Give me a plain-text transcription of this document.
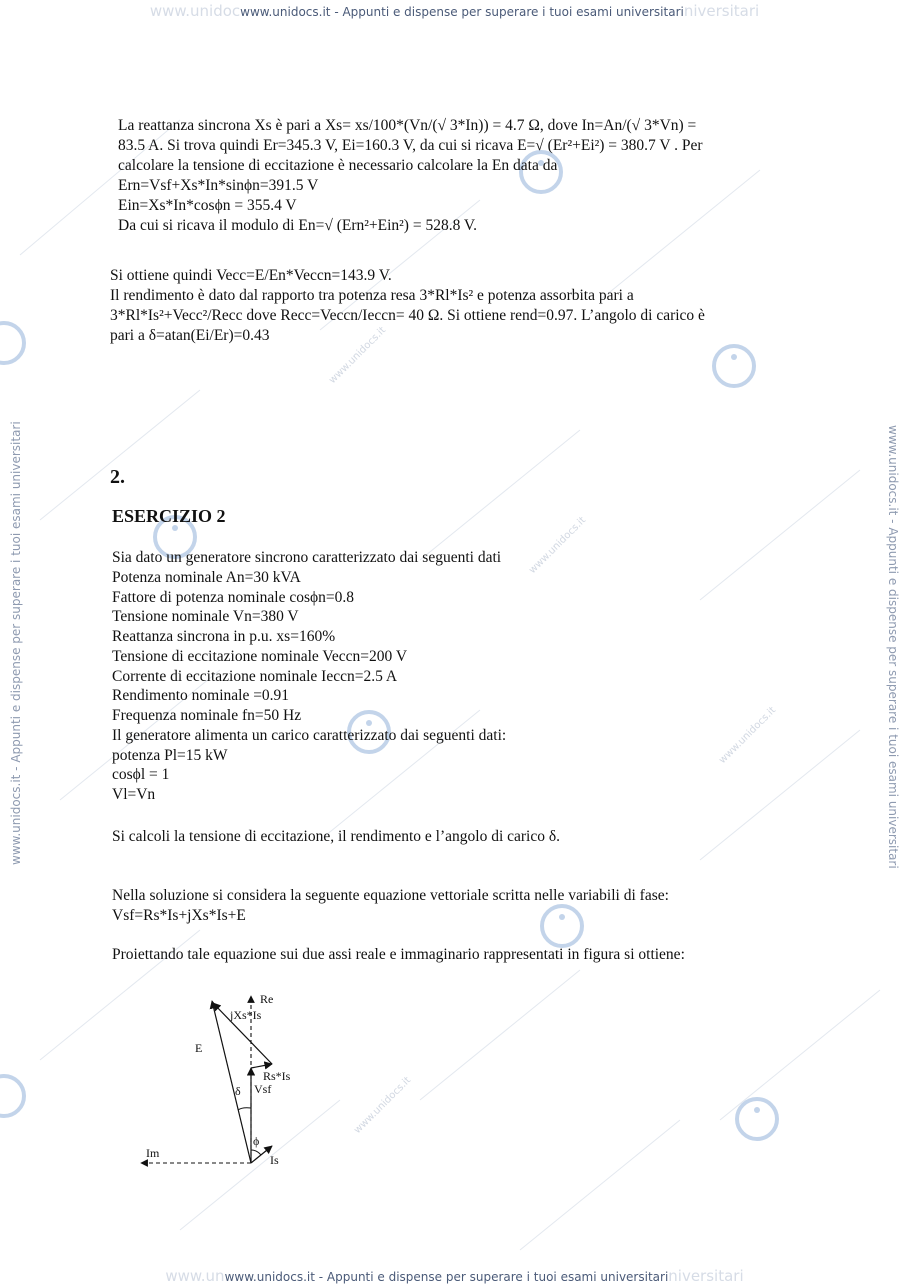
www.unidocwww.unidocs.it - Appunti e dispense per superare i tuoi esami universitariniversitari
www.unwww.unidocs.it - Appunti e dispense per superare i tuoi esami universitariniversitari
www.unidocs.it - Appunti e dispense per superare i tuoi esami universitari	www.unidocs.it - Appunti e dispense per superare i tuoi esami universitari
www.unidocs.it
www.unidocs.it
www.unidocs.it
www.unidocs.it
La reattanza sincrona Xs è pari a Xs= xs/100*(Vn/(√ 3*In)) = 4.7 Ω, dove In=An/(√ 3*Vn) =
83.5 A. Si trova quindi Er=345.3 V, Ei=160.3 V, da cui si ricava E=√ (Er²+Ei²) = 380.7 V . Per
calcolare la tensione di eccitazione è necessario calcolare la En data da
Ern=Vsf+Xs*In*sinϕn=391.5 V
Ein=Xs*In*cosϕn = 355.4 V
Da cui si ricava il modulo di En=√ (Ern²+Ein²) = 528.8 V.
Si ottiene quindi Vecc=E/En*Veccn=143.9 V.
Il rendimento è dato dal rapporto tra potenza resa 3*Rl*Is² e potenza assorbita pari a
3*Rl*Is²+Vecc²/Recc dove Recc=Veccn/Ieccn= 40 Ω. Si ottiene rend=0.97. L’angolo di carico è
pari a δ=atan(Ei/Er)=0.43
2.
ESERCIZIO 2
Sia dato un generatore sincrono caratterizzato dai seguenti dati
Potenza nominale An=30 kVA
Fattore di potenza nominale cosϕn=0.8
Tensione nominale Vn=380 V
Reattanza sincrona in p.u. xs=160%
Tensione di eccitazione nominale Veccn=200 V
Corrente di eccitazione nominale Ieccn=2.5 A
Rendimento nominale =0.91
Frequenza nominale fn=50 Hz
Il generatore alimenta un carico caratterizzato dai seguenti dati:
potenza Pl=15 kW
cosϕl = 1
Vl=Vn
Si calcoli la tensione di eccitazione, il rendimento e l’angolo di carico δ.
Nella soluzione si considera la seguente equazione vettoriale scritta nelle variabili di fase:
Vsf=Rs*Is+jXs*Is+E
Proiettando tale equazione sui due assi reale e immaginario rappresentati in figura si ottiene:
Re
jXs*Is
E
Rs*Is
Vsf
δ
ϕ
Im	Is
